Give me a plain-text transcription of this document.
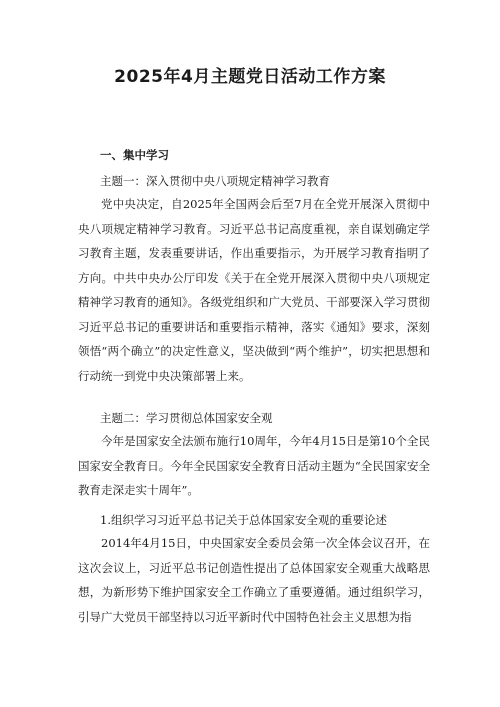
2025年4月主题党日活动工作方案
一、集中学习

主题一：深入贯彻中央八项规定精神学习教育

党中央决定，自2025年全国两会后至7月在全党开展深入贯彻中央八项规定精神学习教育。习近平总书记高度重视，亲自谋划确定学习教育主题，发表重要讲话，作出重要指示，为开展学习教育指明了方向。中共中央办公厅印发《关于在全党开展深入贯彻中央八项规定精神学习教育的通知》。各级党组织和广大党员、干部要深入学习贯彻习近平总书记的重要讲话和重要指示精神，落实《通知》要求，深刻领悟“两个确立”的决定性意义，坚决做到“两个维护”，切实把思想和行动统一到党中央决策部署上来。

主题二：学习贯彻总体国家安全观

今年是国家安全法颁布施行10周年，今年4月15日是第10个全民国家安全教育日。今年全民国家安全教育日活动主题为“全民国家安全教育走深走实十周年”。

1.组织学习习近平总书记关于总体国家安全观的重要论述

2014年4月15日，中央国家安全委员会第一次全体会议召开，在这次会议上，习近平总书记创造性提出了总体国家安全观重大战略思想，为新形势下维护国家安全工作确立了重要遵循。通过组织学习，引导广大党员干部坚持以习近平新时代中国特色社会主义思想为指
